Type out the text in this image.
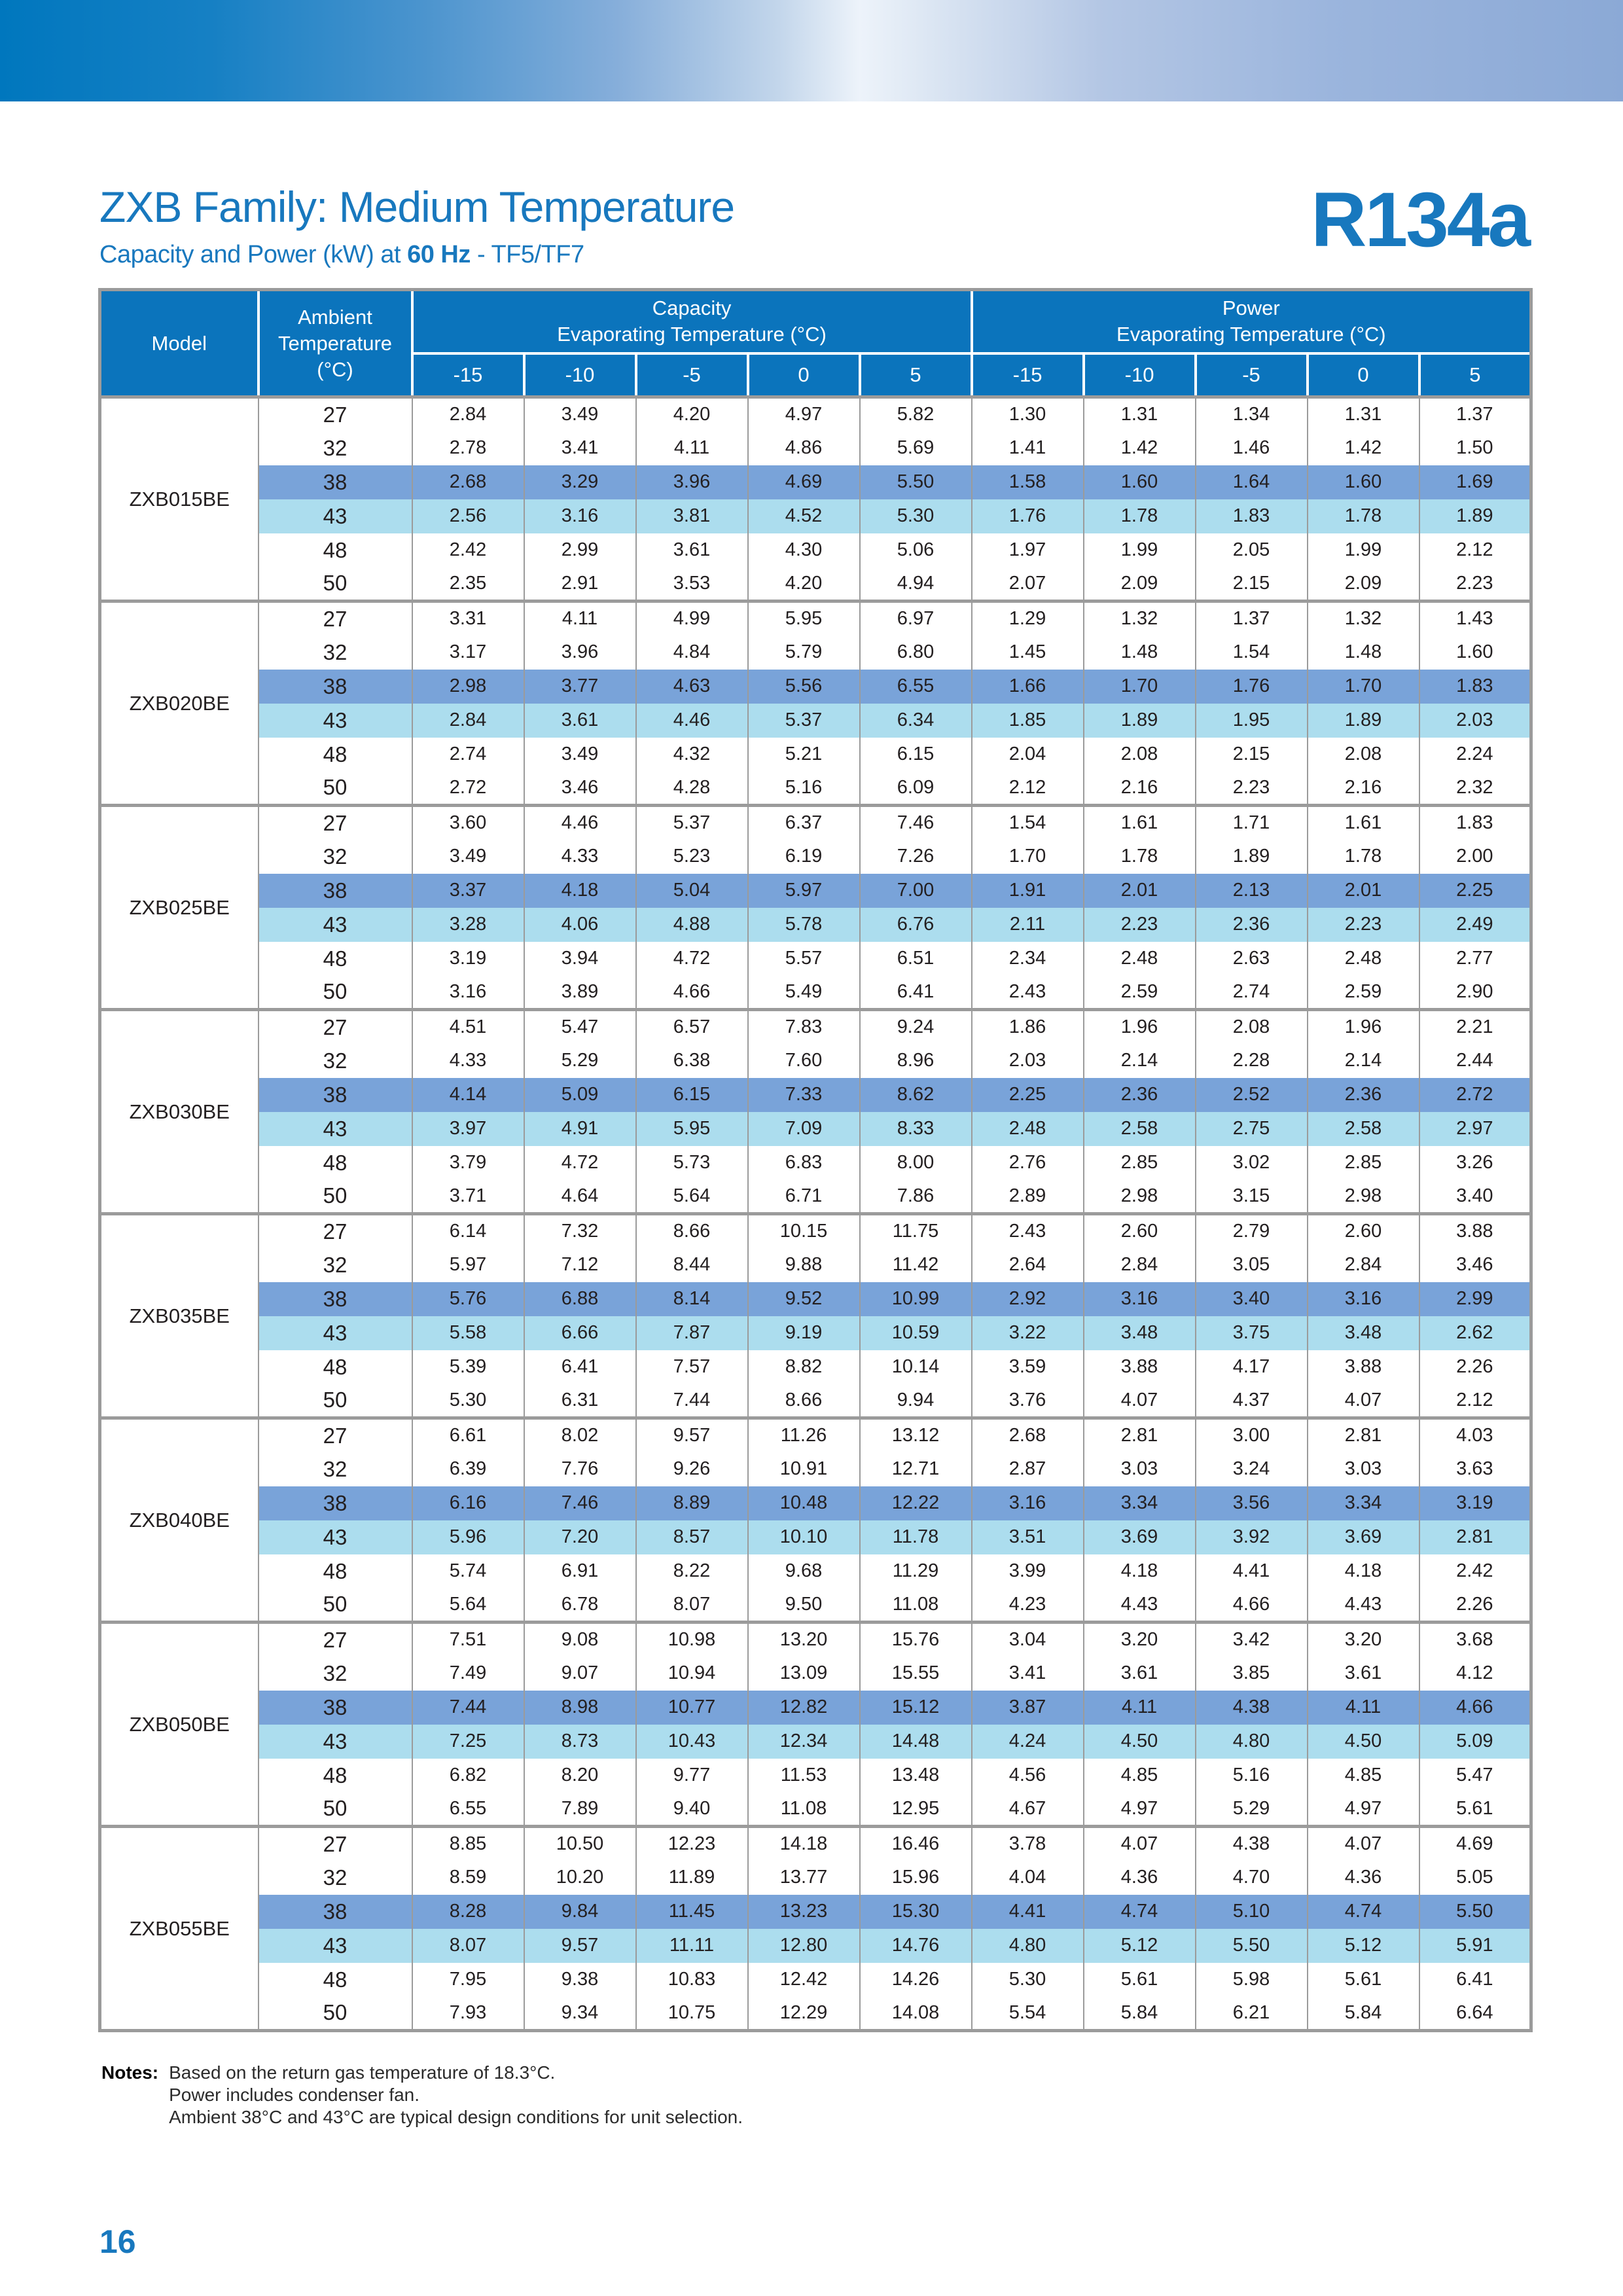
ZXB Family: Medium Temperature

Capacity and Power (kW) at 60 Hz - TF5/TF7	R134a
Model	Ambient
Temperature
(°C)	
Capacity
Evaporating Temperature (°C)

Power
Evaporating Temperature (°C)

		-15	-10	-5	0	5	-15	-10	-5	0	5
ZXB015BE	27	2.84	3.49	4.20	4.97	5.82	1.30	1.31	1.34	1.31	1.37
	32	2.78	3.41	4.11	4.86	5.69	1.41	1.42	1.46	1.42	1.50
	38	2.68	3.29	3.96	4.69	5.50	1.58	1.60	1.64	1.60	1.69
	43	2.56	3.16	3.81	4.52	5.30	1.76	1.78	1.83	1.78	1.89
	48	2.42	2.99	3.61	4.30	5.06	1.97	1.99	2.05	1.99	2.12
	50	2.35	2.91	3.53	4.20	4.94	2.07	2.09	2.15	2.09	2.23
ZXB020BE	27	3.31	4.11	4.99	5.95	6.97	1.29	1.32	1.37	1.32	1.43
	32	3.17	3.96	4.84	5.79	6.80	1.45	1.48	1.54	1.48	1.60
	38	2.98	3.77	4.63	5.56	6.55	1.66	1.70	1.76	1.70	1.83
	43	2.84	3.61	4.46	5.37	6.34	1.85	1.89	1.95	1.89	2.03
	48	2.74	3.49	4.32	5.21	6.15	2.04	2.08	2.15	2.08	2.24
	50	2.72	3.46	4.28	5.16	6.09	2.12	2.16	2.23	2.16	2.32
ZXB025BE	27	3.60	4.46	5.37	6.37	7.46	1.54	1.61	1.71	1.61	1.83
	32	3.49	4.33	5.23	6.19	7.26	1.70	1.78	1.89	1.78	2.00
	38	3.37	4.18	5.04	5.97	7.00	1.91	2.01	2.13	2.01	2.25
	43	3.28	4.06	4.88	5.78	6.76	2.11	2.23	2.36	2.23	2.49
	48	3.19	3.94	4.72	5.57	6.51	2.34	2.48	2.63	2.48	2.77
	50	3.16	3.89	4.66	5.49	6.41	2.43	2.59	2.74	2.59	2.90
ZXB030BE	27	4.51	5.47	6.57	7.83	9.24	1.86	1.96	2.08	1.96	2.21
	32	4.33	5.29	6.38	7.60	8.96	2.03	2.14	2.28	2.14	2.44
	38	4.14	5.09	6.15	7.33	8.62	2.25	2.36	2.52	2.36	2.72
	43	3.97	4.91	5.95	7.09	8.33	2.48	2.58	2.75	2.58	2.97
	48	3.79	4.72	5.73	6.83	8.00	2.76	2.85	3.02	2.85	3.26
	50	3.71	4.64	5.64	6.71	7.86	2.89	2.98	3.15	2.98	3.40
ZXB035BE	27	6.14	7.32	8.66	10.15	11.75	2.43	2.60	2.79	2.60	3.88
	32	5.97	7.12	8.44	9.88	11.42	2.64	2.84	3.05	2.84	3.46
	38	5.76	6.88	8.14	9.52	10.99	2.92	3.16	3.40	3.16	2.99
	43	5.58	6.66	7.87	9.19	10.59	3.22	3.48	3.75	3.48	2.62
	48	5.39	6.41	7.57	8.82	10.14	3.59	3.88	4.17	3.88	2.26
	50	5.30	6.31	7.44	8.66	9.94	3.76	4.07	4.37	4.07	2.12
ZXB040BE	27	6.61	8.02	9.57	11.26	13.12	2.68	2.81	3.00	2.81	4.03
	32	6.39	7.76	9.26	10.91	12.71	2.87	3.03	3.24	3.03	3.63
	38	6.16	7.46	8.89	10.48	12.22	3.16	3.34	3.56	3.34	3.19
	43	5.96	7.20	8.57	10.10	11.78	3.51	3.69	3.92	3.69	2.81
	48	5.74	6.91	8.22	9.68	11.29	3.99	4.18	4.41	4.18	2.42
	50	5.64	6.78	8.07	9.50	11.08	4.23	4.43	4.66	4.43	2.26
ZXB050BE	27	7.51	9.08	10.98	13.20	15.76	3.04	3.20	3.42	3.20	3.68
	32	7.49	9.07	10.94	13.09	15.55	3.41	3.61	3.85	3.61	4.12
	38	7.44	8.98	10.77	12.82	15.12	3.87	4.11	4.38	4.11	4.66
	43	7.25	8.73	10.43	12.34	14.48	4.24	4.50	4.80	4.50	5.09
	48	6.82	8.20	9.77	11.53	13.48	4.56	4.85	5.16	4.85	5.47
	50	6.55	7.89	9.40	11.08	12.95	4.67	4.97	5.29	4.97	5.61
ZXB055BE	27	8.85	10.50	12.23	14.18	16.46	3.78	4.07	4.38	4.07	4.69
	32	8.59	10.20	11.89	13.77	15.96	4.04	4.36	4.70	4.36	5.05
	38	8.28	9.84	11.45	13.23	15.30	4.41	4.74	5.10	4.74	5.50
	43	8.07	9.57	11.11	12.80	14.76	4.80	5.12	5.50	5.12	5.91
	48	7.95	9.38	10.83	12.42	14.26	5.30	5.61	5.98	5.61	6.41
	50	7.93	9.34	10.75	12.29	14.08	5.54	5.84	6.21	5.84	6.64
Notes: Based on the return gas temperature of 18.3°C.
Power includes condenser fan.
Ambient 38°C and 43°C are typical design conditions for unit selection.
16
